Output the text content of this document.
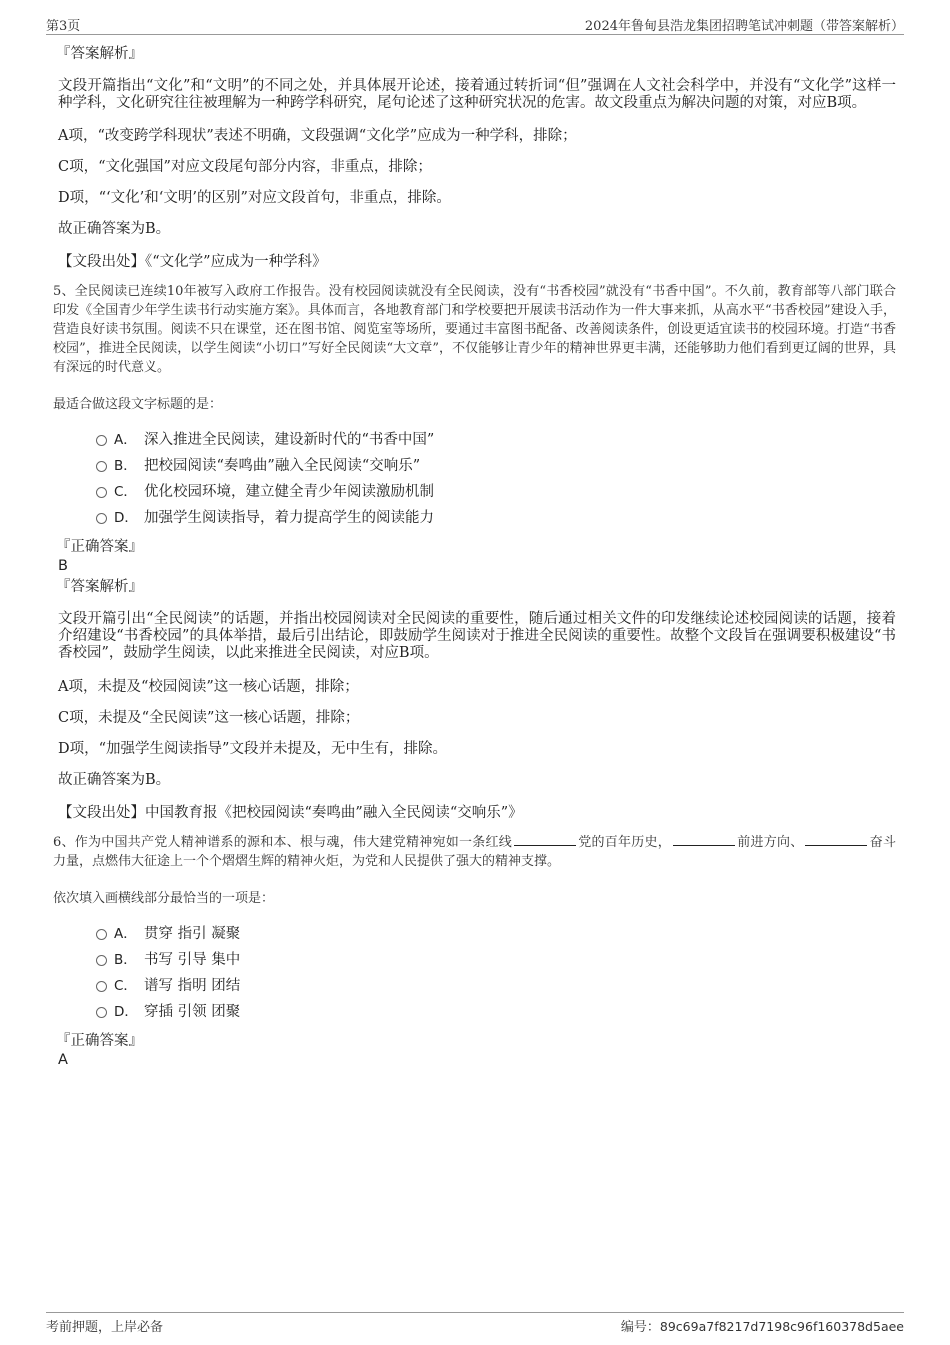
第3页	2024年鲁甸县浩龙集团招聘笔试冲刺题（带答案解析）

『答案解析』

文段开篇指出“文化”和“文明”的不同之处，并具体展开论述，接着通过转折词“但”强调在人文社会科学中，并没有“文化学”这样一种学科，文化研究往往被理解为一种跨学科研究，尾句论述了这种研究状况的危害。故文段重点为解决问题的对策，对应B项。

A项，“改变跨学科现状”表述不明确，文段强调“文化学”应成为一种学科，排除；

C项，“文化强国”对应文段尾句部分内容，非重点，排除；

D项，“‘文化’和‘文明’的区别”对应文段首句，非重点，排除。

故正确答案为B。

【文段出处】《“文化学”应成为一种学科》

5、全民阅读已连续10年被写入政府工作报告。没有校园阅读就没有全民阅读，没有“书香校园”就没有“书香中国”。不久前，教育部等八部门联合印发《全国青少年学生读书行动实施方案》。具体而言，各地教育部门和学校要把开展读书活动作为一件大事来抓，从高水平“书香校园”建设入手，营造良好读书氛围。阅读不只在课堂，还在图书馆、阅览室等场所，要通过丰富图书配备、改善阅读条件，创设更适宜读书的校园环境。打造“书香校园”，推进全民阅读，以学生阅读“小切口”写好全民阅读“大文章”，不仅能够让青少年的精神世界更丰满，还能够助力他们看到更辽阔的世界，具有深远的时代意义。

最适合做这段文字标题的是：

A． 深入推进全民阅读，建设新时代的“书香中国”
B． 把校园阅读“奏鸣曲”融入全民阅读“交响乐”
C． 优化校园环境，建立健全青少年阅读激励机制
D． 加强学生阅读指导，着力提高学生的阅读能力

『正确答案』

B

『答案解析』

文段开篇引出“全民阅读”的话题，并指出校园阅读对全民阅读的重要性，随后通过相关文件的印发继续论述校园阅读的话题，接着介绍建设“书香校园”的具体举措，最后引出结论，即鼓励学生阅读对于推进全民阅读的重要性。故整个文段旨在强调要积极建设“书香校园”，鼓励学生阅读，以此来推进全民阅读，对应B项。

A项，未提及“校园阅读”这一核心话题，排除；

C项，未提及“全民阅读”这一核心话题，排除；

D项，“加强学生阅读指导”文段并未提及，无中生有，排除。

故正确答案为B。

【文段出处】中国教育报《把校园阅读“奏鸣曲”融入全民阅读“交响乐”》

6、作为中国共产党人精神谱系的源和本、根与魂，伟大建党精神宛如一条红线	党的百年历史，	前进方向、	奋斗力量，点燃伟大征途上一个个熠熠生辉的精神火炬，为党和人民提供了强大的精神支撑。

依次填入画横线部分最恰当的一项是：

A． 贯穿 指引 凝聚
B． 书写 引导 集中
C． 谱写 指明 团结
D． 穿插 引领 团聚

『正确答案』

A

考前押题，上岸必备	编号：89c69a7f8217d7198c96f160378d5aee
